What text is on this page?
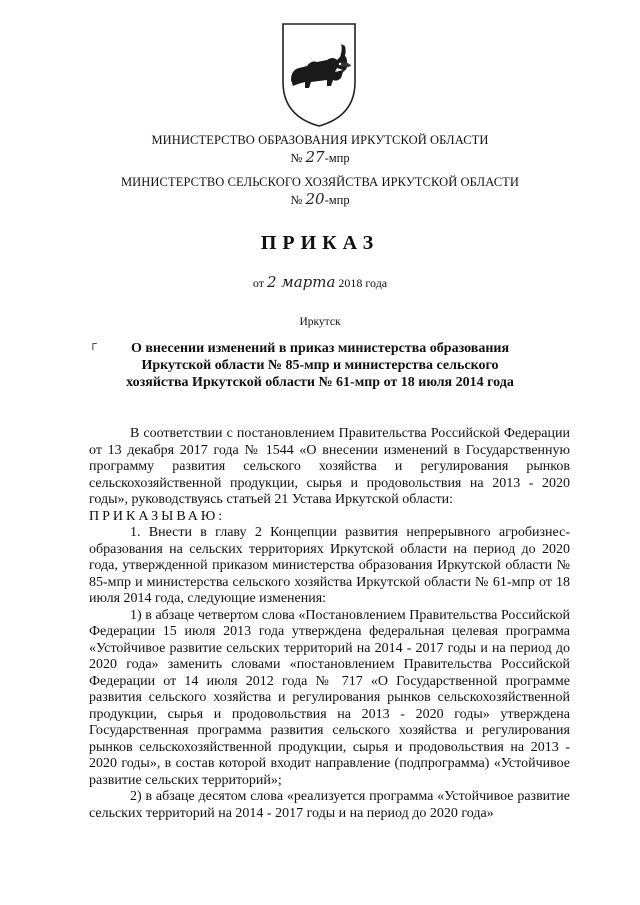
МИНИСТЕРСТВО ОБРАЗОВАНИЯ ИРКУТСКОЙ ОБЛАСТИ
№ 27-мпр
МИНИСТЕРСТВО СЕЛЬСКОГО ХОЗЯЙСТВА ИРКУТСКОЙ ОБЛАСТИ
№ 20-мпр
ПРИКАЗ
от 2 марта 2018 года
Иркутск
┌	О внесении изменений в приказ министерства образования Иркутской области № 85-мпр и министерства сельского хозяйства Иркутской области № 61-мпр от 18 июля 2014 года

В соответствии с постановлением Правительства Российской Федерации от 13 декабря 2017 года № 1544 «О внесении изменений в Государственную программу развития сельского хозяйства и регулирования рынков сельскохозяйственной продукции, сырья и продовольствия на 2013 - 2020 годы», руководствуясь статьей 21 Устава Иркутской области:

ПРИКАЗЫВАЮ:

1. Внести в главу 2 Концепции развития непрерывного агробизнес-образования на сельских территориях Иркутской области на период до 2020 года, утвержденной приказом министерства образования Иркутской области № 85-мпр и министерства сельского хозяйства Иркутской области № 61-мпр от 18 июля 2014 года, следующие изменения:

1) в абзаце четвертом слова «Постановлением Правительства Российской Федерации 15 июля 2013 года утверждена федеральная целевая программа «Устойчивое развитие сельских территорий на 2014 - 2017 годы и на период до 2020 года» заменить словами «постановлением Правительства Российской Федерации от 14 июля 2012 года № 717 «О Государственной программе развития сельского хозяйства и регулирования рынков сельскохозяйственной продукции, сырья и продовольствия на 2013 - 2020 годы» утверждена Государственная программа развития сельского хозяйства и регулирования рынков сельскохозяйственной продукции, сырья и продовольствия на 2013 - 2020 годы», в состав которой входит направление (подпрограмма) «Устойчивое развитие сельских территорий»;

2) в абзаце десятом слова «реализуется программа «Устойчивое развитие сельских территорий на 2014 - 2017 годы и на период до 2020 года»
